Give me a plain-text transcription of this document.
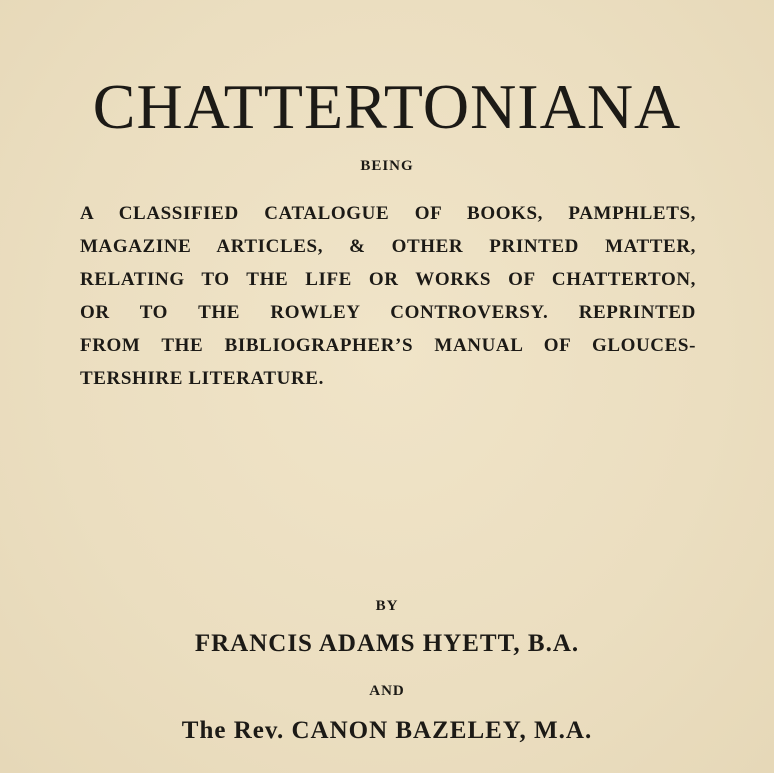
CHATTERTONIANA
BEING
A CLASSIFIED CATALOGUE OF BOOKS, PAMPHLETS,
MAGAZINE ARTICLES, & OTHER PRINTED MATTER,
RELATING TO THE LIFE OR WORKS OF CHATTERTON,
OR TO THE ROWLEY CONTROVERSY. REPRINTED
FROM THE BIBLIOGRAPHER’S MANUAL OF GLOUCES-
TERSHIRE LITERATURE.
BY
FRANCIS ADAMS HYETT, B.A.
AND
The Rev. CANON BAZELEY, M.A.
